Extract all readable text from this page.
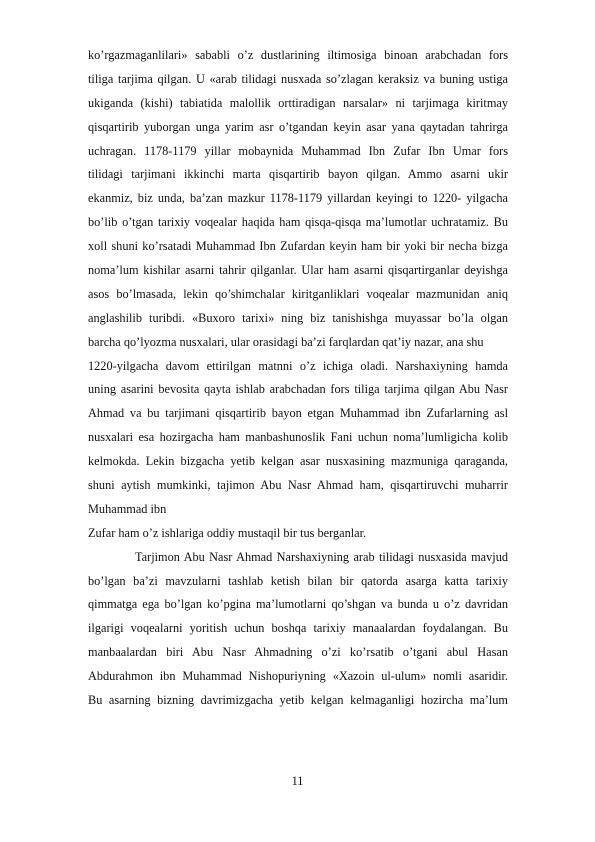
ko’rgazmaganlilari» sababli o’z dustlarining iltimosiga binoan arabchadan fors
tiliga tarjima qilgan. U «arab tilidagi nusxada so’zlagan keraksiz va buning ustiga
ukiganda (kishi) tabiatida malollik orttiradigan narsalar» ni tarjimaga kiritmay
qisqartirib yuborgan unga yarim asr o’tgandan keyin asar yana qaytadan tahrirga
uchragan. 1178-1179 yillar mobaynida Muhammad Ibn Zufar Ibn Umar fors
tilidagi tarjimani ikkinchi marta qisqartirib bayon qilgan. Ammo asarni ukir
ekanmiz, biz unda, ba’zan mazkur 1178-1179 yillardan keyingi to 1220- yilgacha
bo’lib o’tgan tarixiy voqealar haqida ham qisqa-qisqa ma’lumotlar uchratamiz. Bu
xoll shuni ko’rsatadi Muhammad Ibn Zufardan keyin ham bir yoki bir necha bizga
noma’lum kishilar asarni tahrir qilganlar. Ular ham asarni qisqartirganlar deyishga
asos bo’lmasada, lekin qo’shimchalar kiritganliklari voqealar mazmunidan aniq
anglashilib turibdi. «Buxoro tarixi» ning biz tanishishga muyassar bo’la olgan
barcha qo’lyozma nusxalari, ular orasidagi ba’zi farqlardan qat’iy nazar, ana shu
1220-yilgacha davom ettirilgan matnni o’z ichiga oladi. Narshaxiyning hamda
uning asarini bevosita qayta ishlab arabchadan fors tiliga tarjima qilgan Abu Nasr
Ahmad va bu tarjimani qisqartirib bayon etgan Muhammad ibn Zufarlarning asl
nusxalari esa hozirgacha ham manbashunoslik Fani uchun noma’lumligicha kolib
kelmokda. Lekin bizgacha yetib kelgan asar nusxasining mazmuniga qaraganda,
shuni aytish mumkinki, tajimon Abu Nasr Ahmad ham, qisqartiruvchi muharrir
Muhammad ibn
Zufar ham o’z ishlariga oddiy mustaqil bir tus berganlar.
Tarjimon Abu Nasr Ahmad Narshaxiyning arab tilidagi nusxasida mavjud
bo’lgan ba’zi mavzularni tashlab ketish bilan bir qatorda asarga katta tarixiy
qimmatga ega bo’lgan ko’pgina ma’lumotlarni qo’shgan va bunda u o’z davridan
ilgarigi voqealarni yoritish uchun boshqa tarixiy manaalardan foydalangan. Bu
manbaalardan biri Abu Nasr Ahmadning o’zi ko’rsatib o’tgani abul Hasan
Abdurahmon ibn Muhammad Nishopuriyning «Xazoin ul-ulum» nomli asaridir.
Bu asarning bizning davrimizgacha yetib kelgan kelmaganligi hozircha ma’lum
11
